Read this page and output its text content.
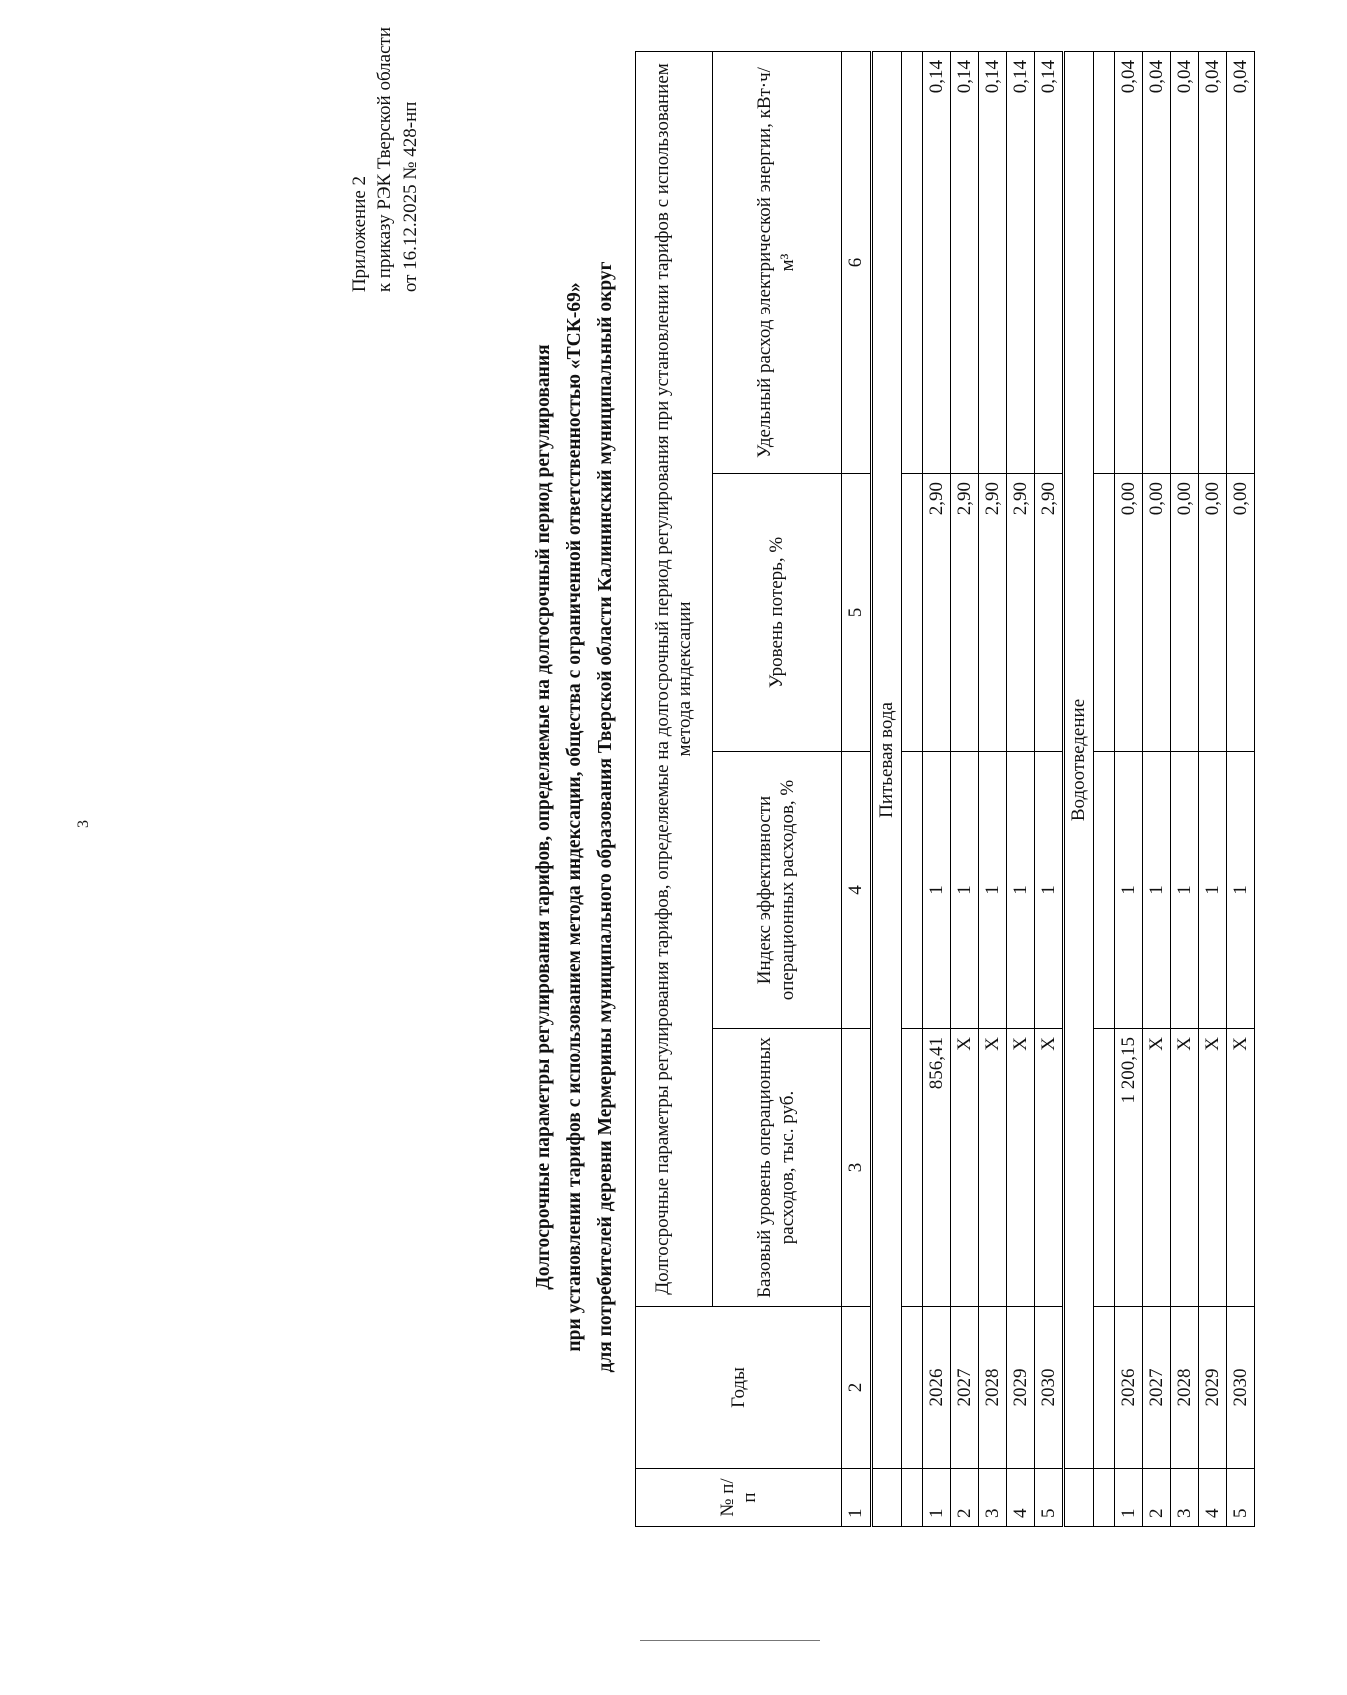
3
Приложение 2 к приказу РЭК Тверской области от 16.12.2025 № 428-нп
Долгосрочные параметры регулирования тарифов, определяемые на долгосрочный период регулирования при установлении тарифов с использованием метода индексации, общества с ограниченной ответственностью «ТСК-69» для потребителей деревни Мермерины муниципального образования Тверской области Калининский муниципальный округ
№ п/п	Годы	Долгосрочные параметры регулирования тарифов, определяемые на долгосрочный период регулирования при установлении тарифов с использованием метода индексации			
		Базовый уровень операционных расходов, тыс. руб.	Индекс эффективности операционных расходов, %	Уровень потерь, %	Удельный расход электрической энергии, кВт·ч/м³
1	2	3	4	5	6
	Питьевая вода				

1	2026	856,41	1	2,90	0,14
2	2027	X	1	2,90	0,14
3	2028	X	1	2,90	0,14
4	2029	X	1	2,90	0,14
5	2030	X	1	2,90	0,14
	Водоотведение				

1	2026	1 200,15	1	0,00	0,04
2	2027	X	1	0,00	0,04
3	2028	X	1	0,00	0,04
4	2029	X	1	0,00	0,04
5	2030	X	1	0,00	0,04
